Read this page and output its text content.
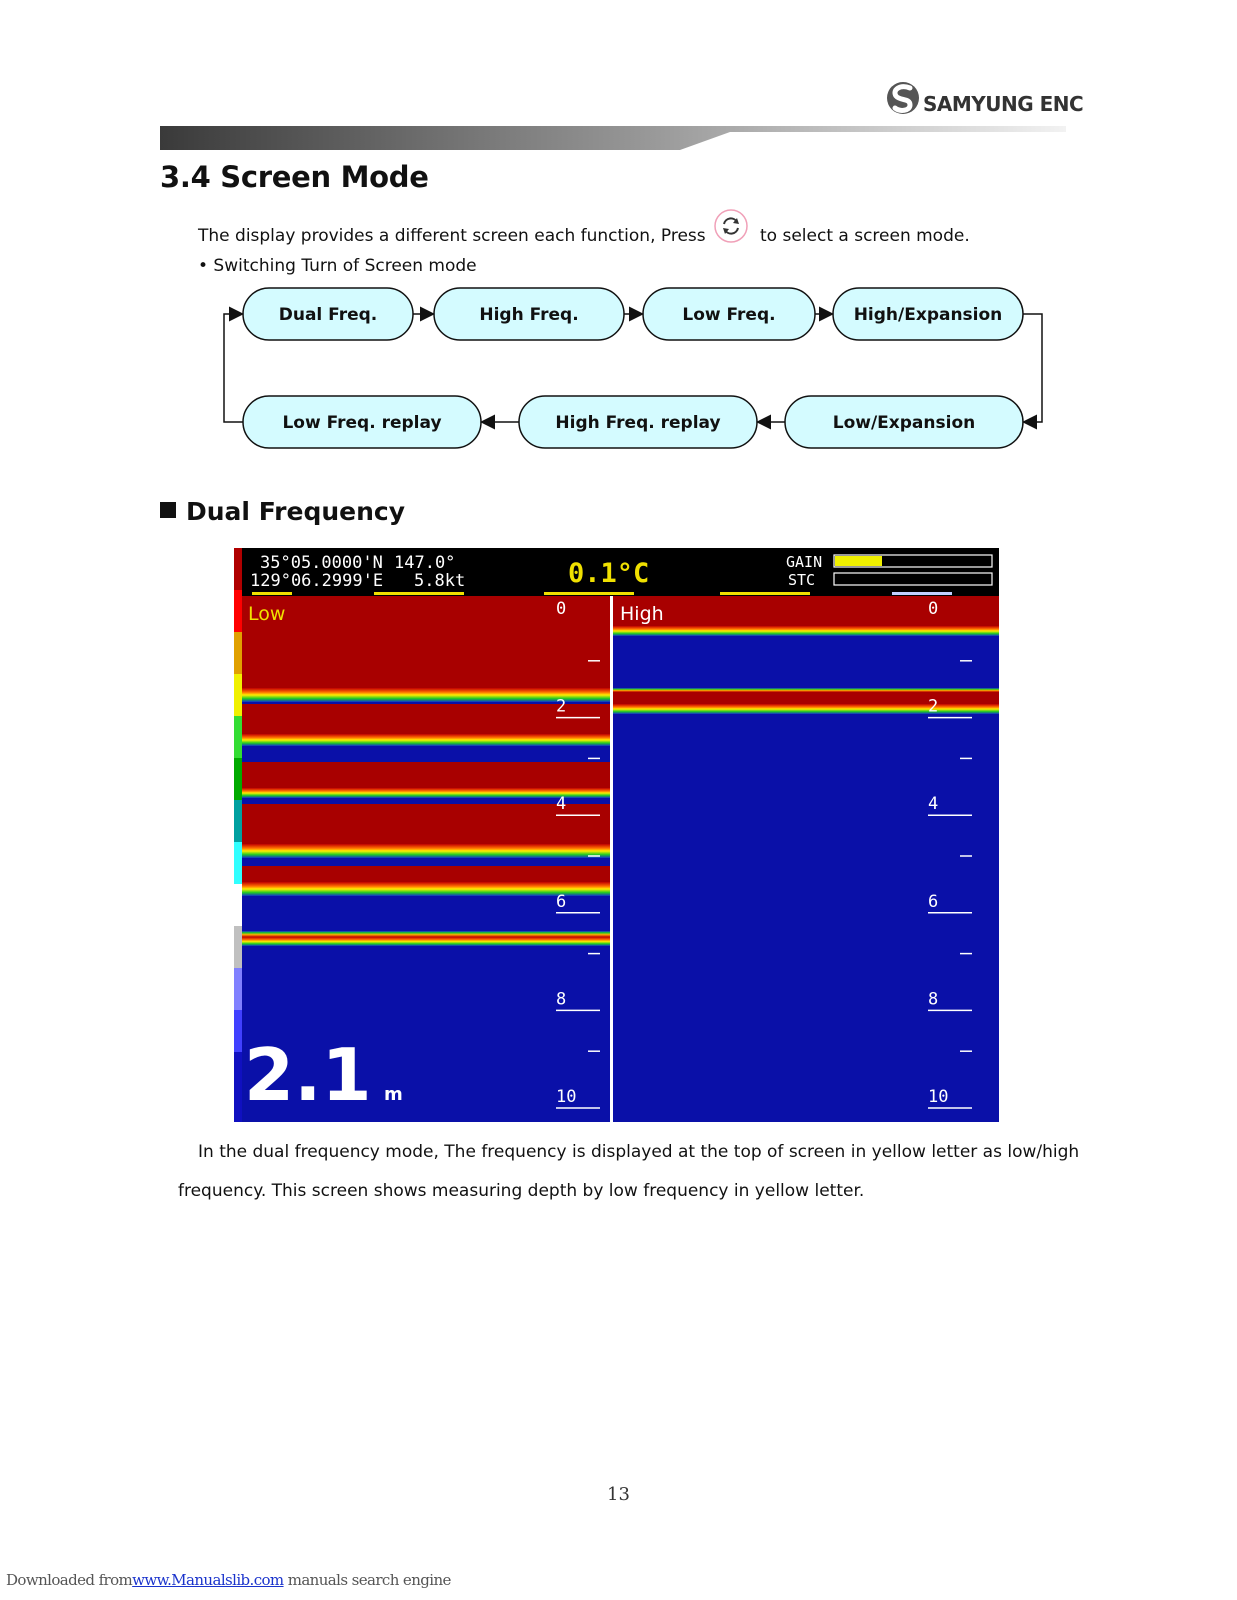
SAMYUNG ENC
3.4 Screen Mode
The display provides a different screen each function, Press	to select a screen mode.
• Switching Turn of Screen mode
Dual Freq.	High Freq.	Low Freq.	High/Expansion
Low Freq. replay	High Freq. replay	Low/Expansion
Dual Frequency
35°05.0000'N
129°06.2999'E
147.0°
5.8kt	0.1°C	GAIN
STC
Low	High
0
2
4
6
8
10
0
2
4
6
8
10
2.1 m
In the dual frequency mode, The frequency is displayed at the top of screen in yellow letter as low/high
frequency. This screen shows measuring depth by low frequency in yellow letter.
13
Downloaded fromwww.Manualslib.com manuals search engine
